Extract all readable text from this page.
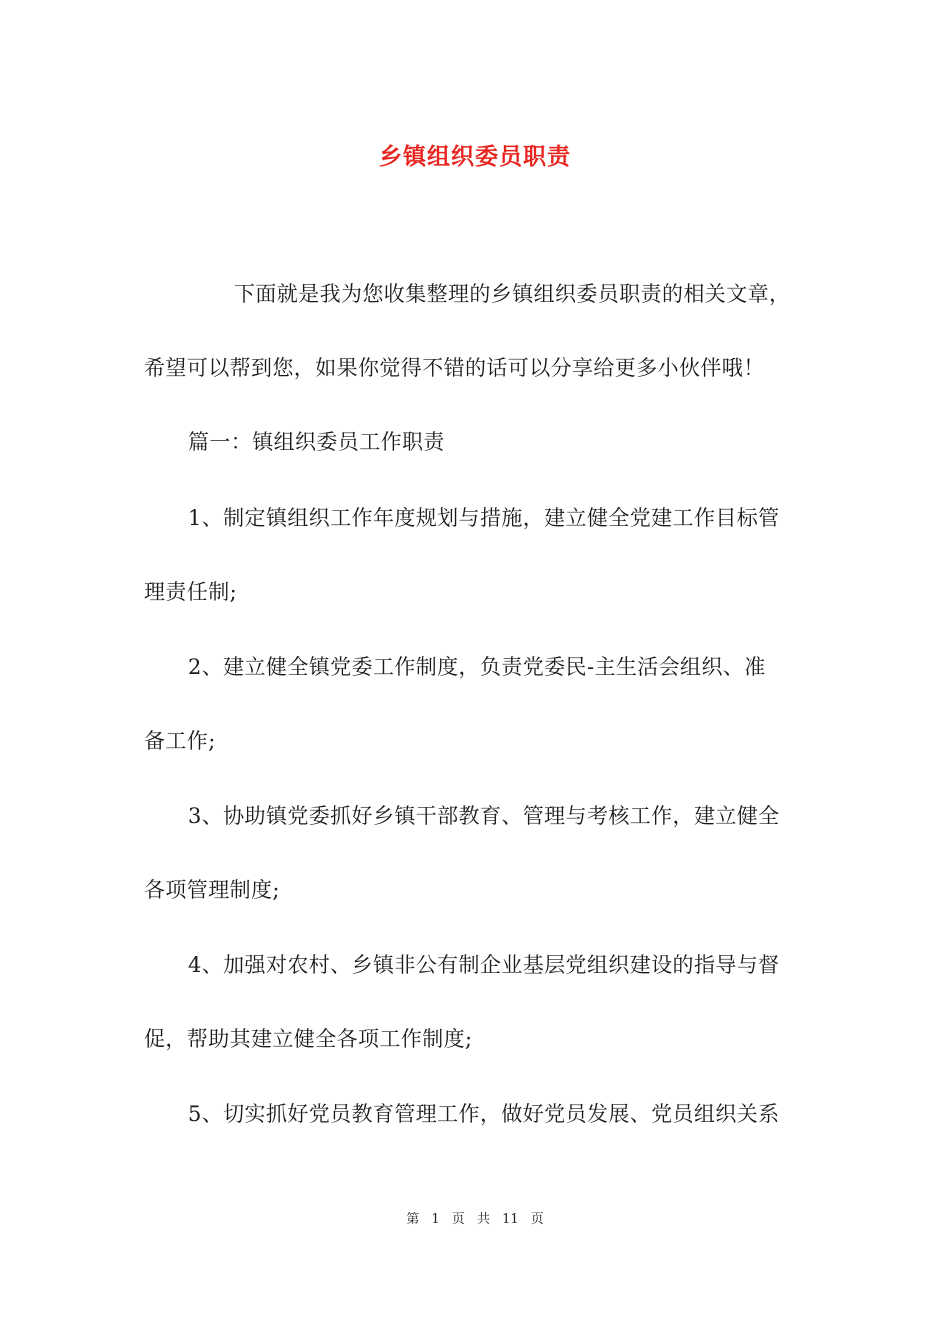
乡镇组织委员职责
下面就是我为您收集整理的乡镇组织委员职责的相关文章，
希望可以帮到您，如果你觉得不错的话可以分享给更多小伙伴哦！
篇一：镇组织委员工作职责
1、制定镇组织工作年度规划与措施，建立健全党建工作目标管
理责任制;
2、建立健全镇党委工作制度，负责党委民-主生活会组织、准
备工作;
3、协助镇党委抓好乡镇干部教育、管理与考核工作，建立健全
各项管理制度;
4、加强对农村、乡镇非公有制企业基层党组织建设的指导与督
促，帮助其建立健全各项工作制度;
5、切实抓好党员教育管理工作，做好党员发展、党员组织关系
第 1 页 共 11 页
